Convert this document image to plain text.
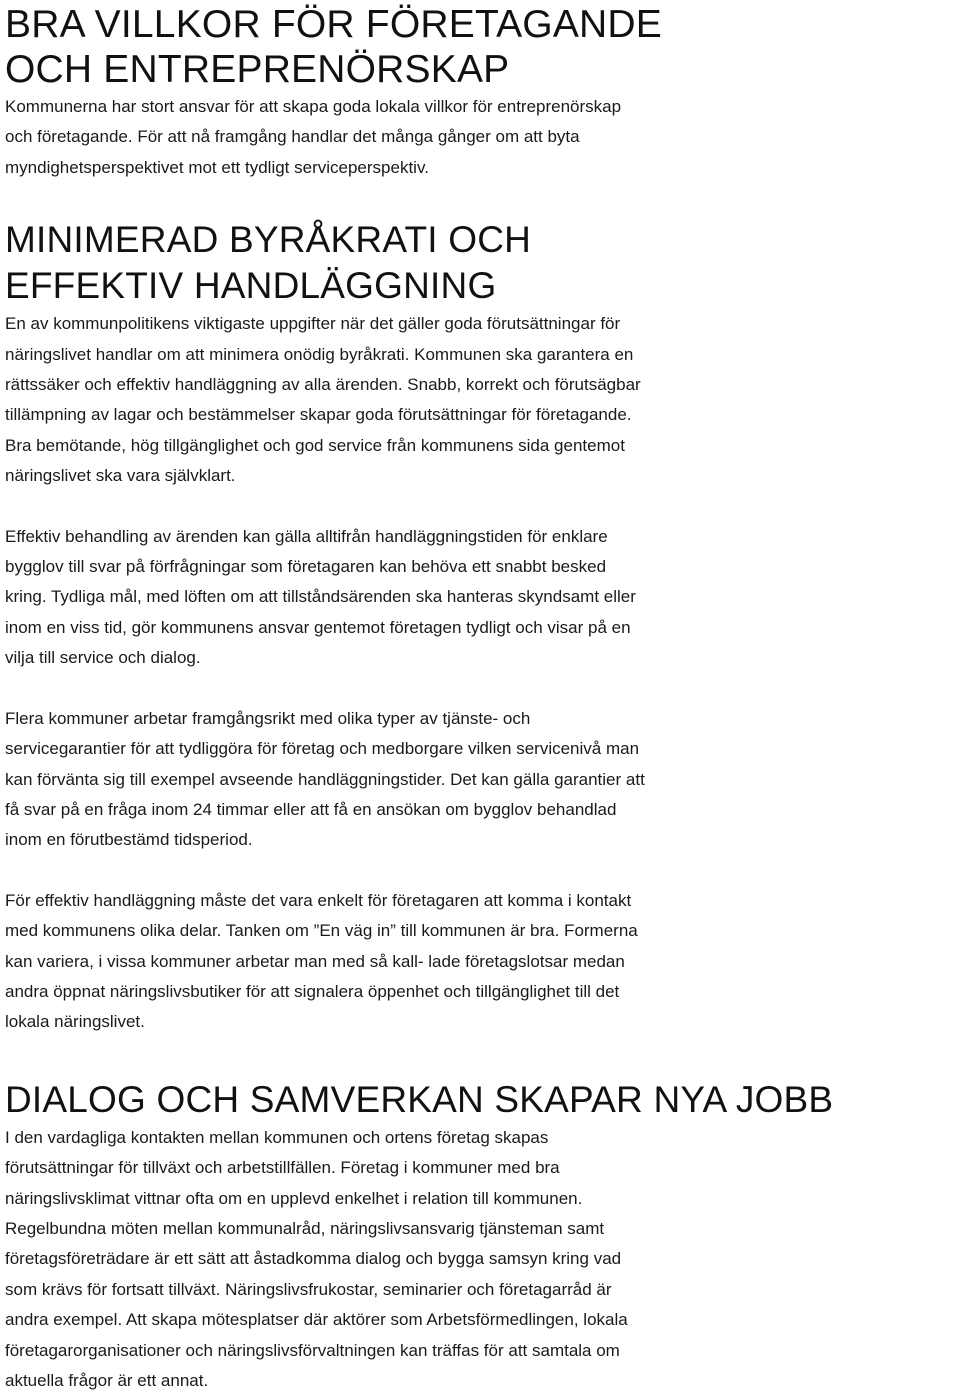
BRA VILLKOR FÖR FÖRETAGANDE
OCH ENTREPRENÖRSKAP

Kommunerna har stort ansvar för att skapa goda lokala villkor för entreprenörskap
och företagande. För att nå framgång handlar det många gånger om att byta
myndighetsperspektivet mot ett tydligt serviceperspektiv.

MINIMERAD BYRÅKRATI OCH
EFFEKTIV HANDLÄGGNING

En av kommunpolitikens viktigaste uppgifter när det gäller goda förutsättningar för
näringslivet handlar om att minimera onödig byråkrati. Kommunen ska garantera en
rättssäker och effektiv handläggning av alla ärenden. Snabb, korrekt och förutsägbar
tillämpning av lagar och bestämmelser skapar goda förutsättningar för företagande.
Bra bemötande, hög tillgänglighet och god service från kommunens sida gentemot
näringslivet ska vara självklart.

Effektiv behandling av ärenden kan gälla alltifrån handläggningstiden för enklare
bygglov till svar på förfrågningar som företagaren kan behöva ett snabbt besked
kring. Tydliga mål, med löften om att tillståndsärenden ska hanteras skyndsamt eller
inom en viss tid, gör kommunens ansvar gentemot företagen tydligt och visar på en
vilja till service och dialog.

Flera kommuner arbetar framgångsrikt med olika typer av tjänste- och
servicegarantier för att tydliggöra för företag och medborgare vilken servicenivå man
kan förvänta sig till exempel avseende handläggningstider. Det kan gälla garantier att
få svar på en fråga inom 24 timmar eller att få en ansökan om bygglov behandlad
inom en förutbestämd tidsperiod.

För effektiv handläggning måste det vara enkelt för företagaren att komma i kontakt
med kommunens olika delar. Tanken om ”En väg in” till kommunen är bra. Formerna
kan variera, i vissa kommuner arbetar man med så kall- lade företagslotsar medan
andra öppnat näringslivsbutiker för att signalera öppenhet och tillgänglighet till det
lokala näringslivet.

DIALOG OCH SAMVERKAN SKAPAR NYA JOBB

I den vardagliga kontakten mellan kommunen och ortens företag skapas
förutsättningar för tillväxt och arbetstillfällen. Företag i kommuner med bra
näringslivsklimat vittnar ofta om en upplevd enkelhet i relation till kommunen.
Regelbundna möten mellan kommunalråd, näringslivsansvarig tjänsteman samt
företagsföreträdare är ett sätt att åstadkomma dialog och bygga samsyn kring vad
som krävs för fortsatt tillväxt. Näringslivsfrukostar, seminarier och företagarråd är
andra exempel. Att skapa mötesplatser där aktörer som Arbetsförmedlingen, lokala
företagarorganisationer och näringslivsförvaltningen kan träffas för att samtala om
aktuella frågor är ett annat.
